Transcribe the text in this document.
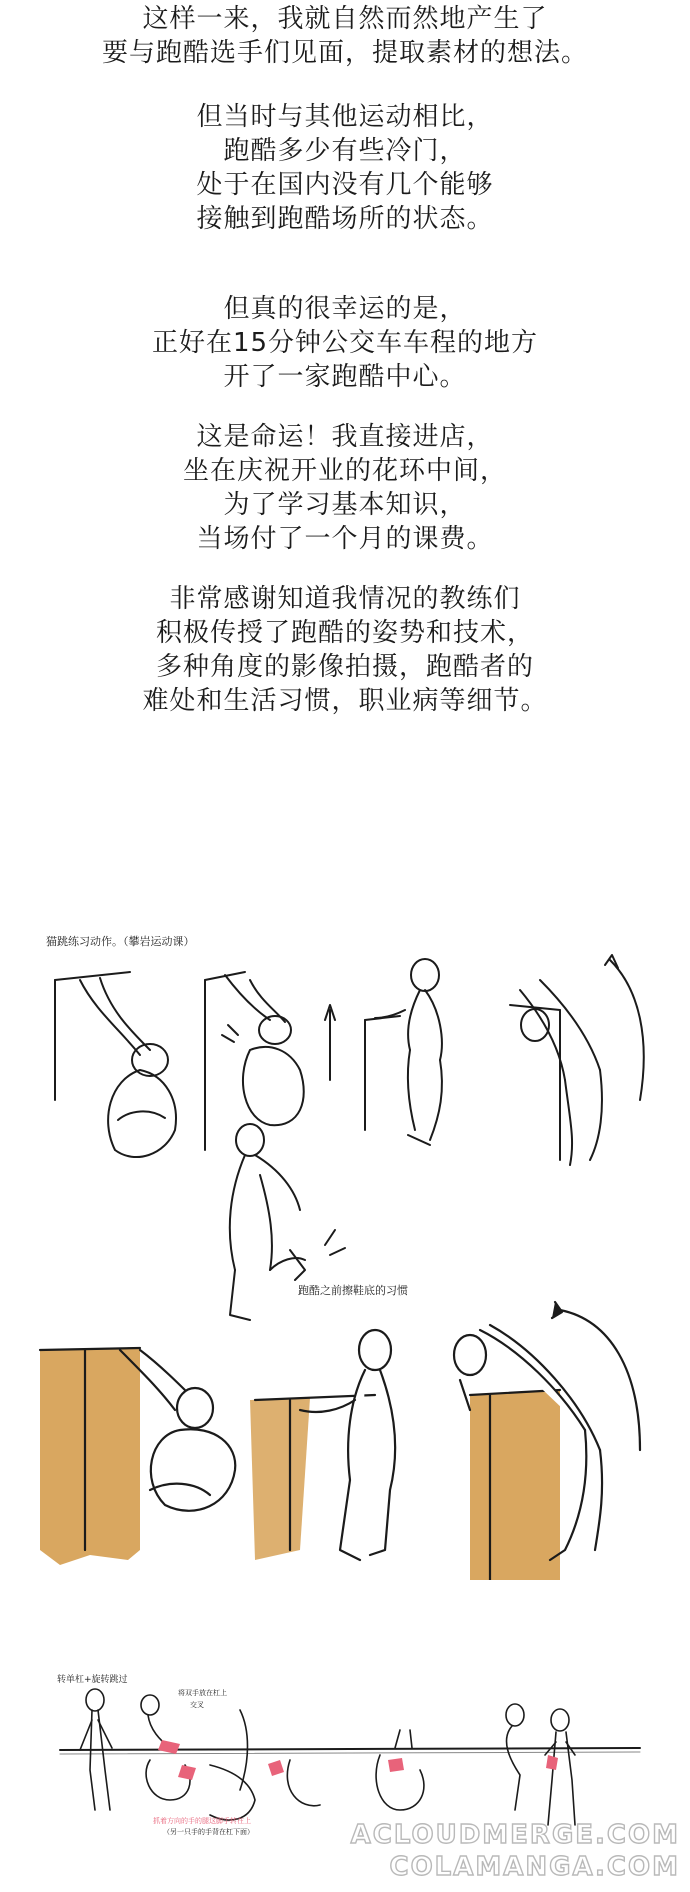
这样一来，我就自然而然地产生了
要与跑酷选手们见面，提取素材的想法。
但当时与其他运动相比，
跑酷多少有些冷门，
处于在国内没有几个能够
接触到跑酷场所的状态。
但真的很幸运的是，
正好在15分钟公交车车程的地方
开了一家跑酷中心。
这是命运！我直接进店，
坐在庆祝开业的花环中间，
为了学习基本知识，
当场付了一个月的课费。
非常感谢知道我情况的教练们
积极传授了跑酷的姿势和技术，
多种角度的影像拍摄，跑酷者的
难处和生活习惯，职业病等细节。
猫跳练习动作。（攀岩运动课）
跑酷之前擦鞋底的习惯
转单杠+旋转跳过
将双手放在杠上
交叉
抓着方向的手的腿这脚手转在上
（另一只手的手背在杠下面）	ACLOUDMERGE.COM
COLAMANGA.COM
